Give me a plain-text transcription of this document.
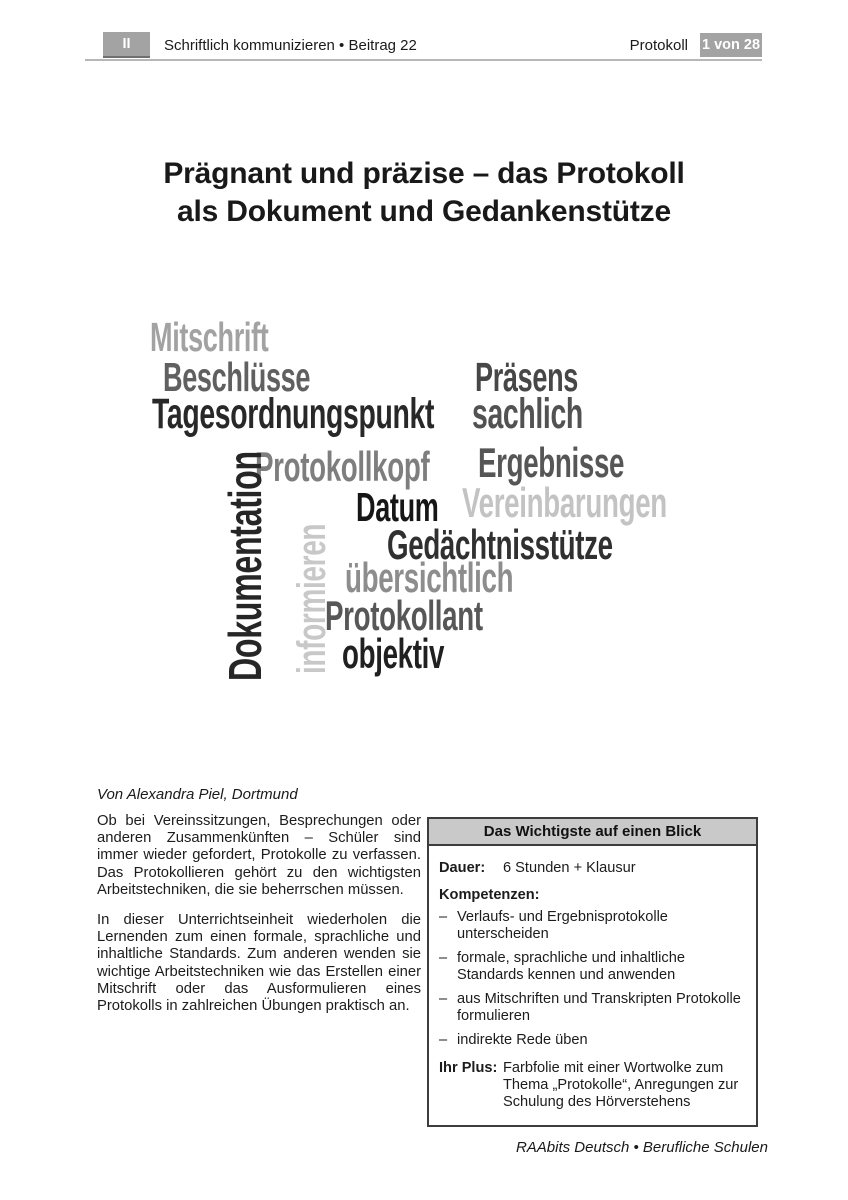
II	Schriftlich kommunizieren • Beitrag 22	Protokoll 1 von 28
Prägnant und präzise – das Protokoll
als Dokument und Gedankenstütze
Mitschrift
Beschlüsse	Präsens
Tagesordnungspunkt sachlich
Protokollkopf Ergebnisse
Datum Vereinbarungen
Gedächtnisstütze
übersichtlich
Protokollant
objektiv
Dokumentation informieren
Von Alexandra Piel, Dortmund

Ob bei Vereinssitzungen, Besprechungen oder anderen Zusammenkünften – Schüler sind immer wieder gefordert, Protokolle zu verfassen. Das Protokollieren gehört zu den wichtigsten Arbeitstechniken, die sie beherrschen müssen.

In dieser Unterrichtseinheit wiederholen die Lernenden zum einen formale, sprachliche und inhaltliche Standards. Zum anderen wenden sie wichtige Arbeitstechniken wie das Erstellen einer Mitschrift oder das Ausformulieren eines Protokolls in zahlreichen Übungen praktisch an.

Das Wichtigste auf einen Blick
Dauer:	6 Stunden + Klausur
Kompetenzen:
– Verlaufs- und Ergebnisprotokolle unterscheiden
– formale, sprachliche und inhaltliche Standards kennen und anwenden
– aus Mitschriften und Transkripten Protokolle formulieren
– indirekte Rede üben
Ihr Plus: Farbfolie mit einer Wortwolke zum Thema „Protokolle“, Anregungen zur Schulung des Hörverstehens
RAAbits Deutsch • Berufliche Schulen
